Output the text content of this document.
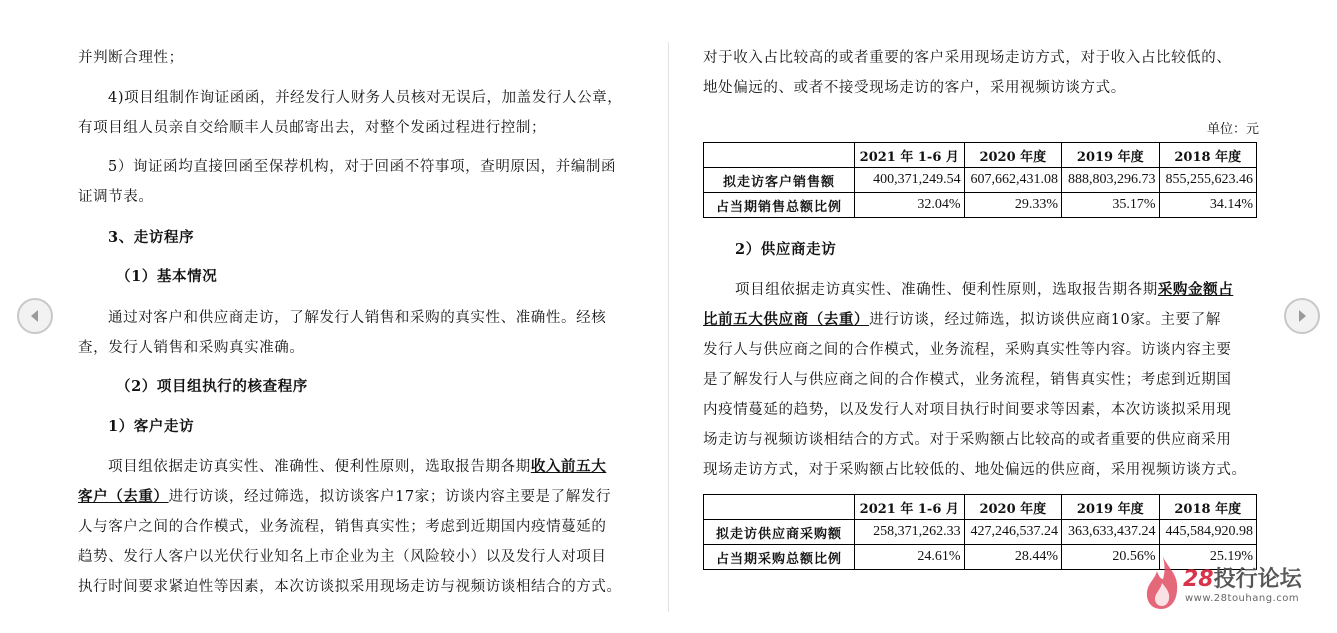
并判断合理性；
4)项目组制作询证函函，并经发行人财务人员核对无误后，加盖发行人公章，
有项目组人员亲自交给顺丰人员邮寄出去，对整个发函过程进行控制；
5）询证函均直接回函至保荐机构，对于回函不符事项，查明原因，并编制函
证调节表。
3、走访程序
（1）基本情况
通过对客户和供应商走访，了解发行人销售和采购的真实性、准确性。经核
查，发行人销售和采购真实准确。
（2）项目组执行的核查程序
1）客户走访
项目组依据走访真实性、准确性、便利性原则，选取报告期各期收入前五大
客户（去重）进行访谈，经过筛选，拟访谈客户17家；访谈内容主要是了解发行
人与客户之间的合作模式，业务流程，销售真实性；考虑到近期国内疫情蔓延的
趋势、发行人客户以光伏行业知名上市企业为主（风险较小）以及发行人对项目
执行时间要求紧迫性等因素，本次访谈拟采用现场走访与视频访谈相结合的方式。
对于收入占比较高的或者重要的客户采用现场走访方式，对于收入占比较低的、
地处偏远的、或者不接受现场走访的客户，采用视频访谈方式。
单位：元
	2021 年 1-6 月	2020 年度	2019 年度	2018 年度
拟走访客户销售额	400,371,249.54	607,662,431.08	888,803,296.73	855,255,623.46
占当期销售总额比例	32.04%	29.33%	35.17%	34.14%
2）供应商走访
项目组依据走访真实性、准确性、便利性原则，选取报告期各期采购金额占
比前五大供应商（去重）进行访谈，经过筛选，拟访谈供应商10家。主要了解
发行人与供应商之间的合作模式，业务流程，采购真实性等内容。访谈内容主要
是了解发行人与供应商之间的合作模式，业务流程，销售真实性；考虑到近期国
内疫情蔓延的趋势，以及发行人对项目执行时间要求等因素，本次访谈拟采用现
场走访与视频访谈相结合的方式。对于采购额占比较高的或者重要的供应商采用
现场走访方式，对于采购额占比较低的、地处偏远的供应商，采用视频访谈方式。
	2021 年 1-6 月	2020 年度	2019 年度	2018 年度
拟走访供应商采购额	258,371,262.33	427,246,537.24	363,633,437.24	445,584,920.98
占当期采购总额比例	24.61%	28.44%	20.56%	25.19%
28投行论坛
www.28touhang.com
